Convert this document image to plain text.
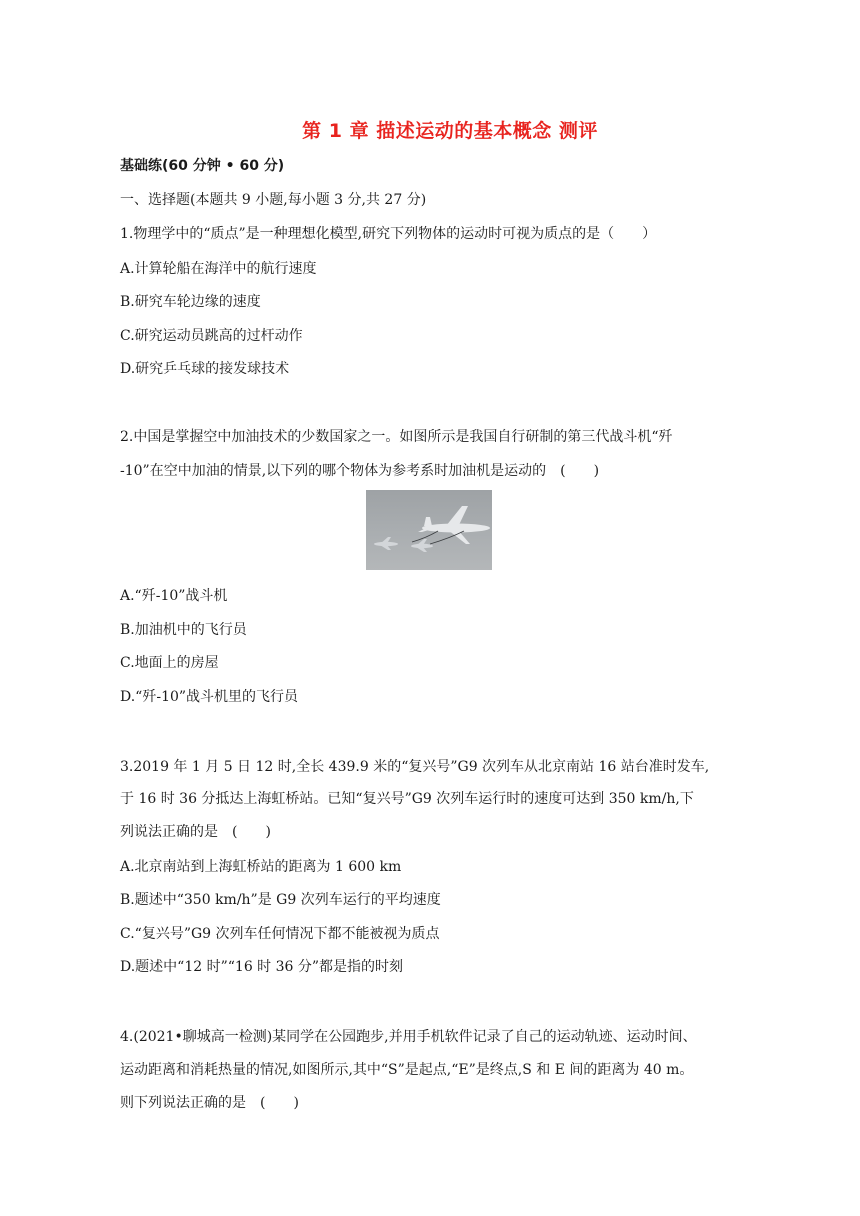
第 1 章 描述运动的基本概念 测评
基础练(60 分钟 • 60 分)
一、选择题(本题共 9 小题,每小题 3 分,共 27 分)
1.物理学中的“质点”是一种理想化模型,研究下列物体的运动时可视为质点的是（　　）
A.计算轮船在海洋中的航行速度
B.研究车轮边缘的速度
C.研究运动员跳高的过杆动作
D.研究乒乓球的接发球技术
2.中国是掌握空中加油技术的少数国家之一。如图所示是我国自行研制的第三代战斗机“歼
-10”在空中加油的情景,以下列的哪个物体为参考系时加油机是运动的　(　　)
A.“歼-10”战斗机
B.加油机中的飞行员
C.地面上的房屋
D.“歼-10”战斗机里的飞行员
3.2019 年 1 月 5 日 12 时,全长 439.9 米的“复兴号”G9 次列车从北京南站 16 站台准时发车,
于 16 时 36 分抵达上海虹桥站。已知“复兴号”G9 次列车运行时的速度可达到 350 km/h,下
列说法正确的是　(　　)
A.北京南站到上海虹桥站的距离为 1 600 km
B.题述中“350 km/h”是 G9 次列车运行的平均速度
C.“复兴号”G9 次列车任何情况下都不能被视为质点
D.题述中“12 时”“16 时 36 分”都是指的时刻
4.(2021•聊城高一检测)某同学在公园跑步,并用手机软件记录了自己的运动轨迹、运动时间、
运动距离和消耗热量的情况,如图所示,其中“S”是起点,“E”是终点,S 和 E 间的距离为 40 m。
则下列说法正确的是　(　　)
